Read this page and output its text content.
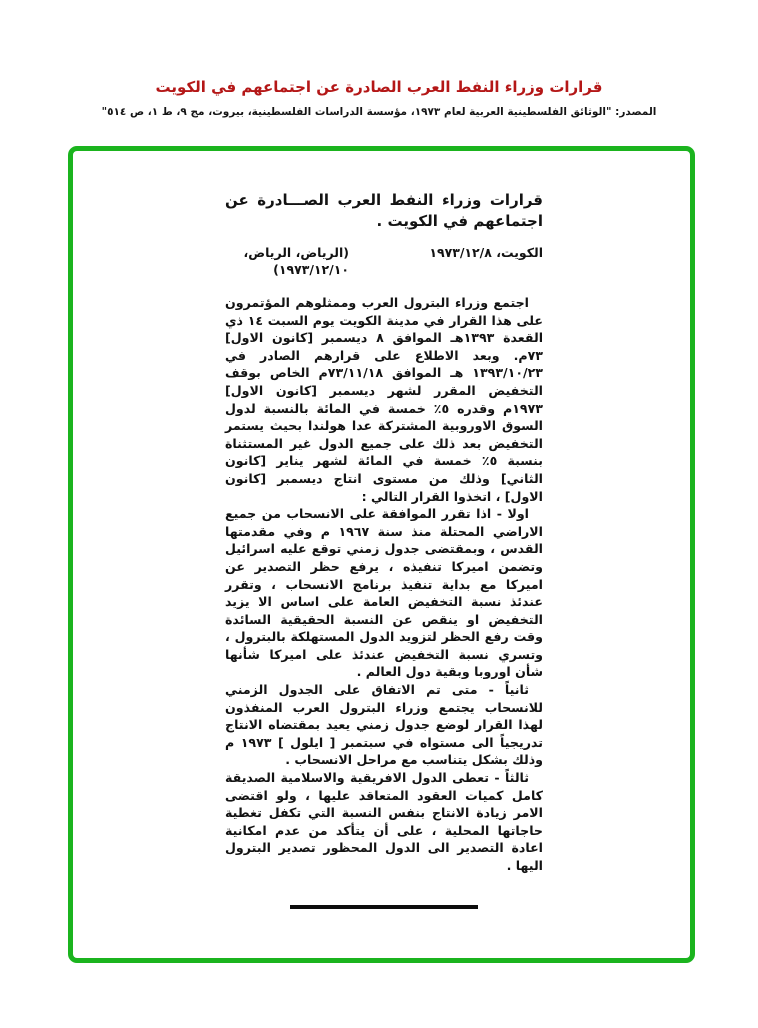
قرارات وزراء النفط العرب الصادرة عن اجتماعهم في الكويت
المصدر: "الوثائق الفلسطينية العربية لعام ١٩٧٣، مؤسسة الدراسات الفلسطينية، بيروت، مج ٩، ط ١، ص ٥١٤"
قرارات وزراء النفط العرب الصـــادرة عن اجتماعهم في الكويت .
الكويت، ١٩٧٣/١٢/٨
(الرياض، الرياض، ١٩٧٣/١٢/١٠)

اجتمع وزراء البترول العرب وممثلوهم المؤتمرون على هذا القرار في مدينة الكويت يوم السبت ١٤ ذي القعدة ١٣٩٣هـ الموافق ٨ ديسمبر [كانون الاول] ٧٣م. وبعد الاطلاع على قرارهم الصادر في ١٣٩٣/١٠/٢٣ هـ الموافق ٧٣/١١/١٨م الخاص بوقف التخفيض المقرر لشهر ديسمبر [كانون الاول] ١٩٧٣م وقدره ٥٪ خمسة في المائة بالنسبة لدول السوق الاوروبية المشتركة عدا هولندا بحيث يستمر التخفيض بعد ذلك على جميع الدول غير المستثناة بنسبة ٥٪ خمسة في المائة لشهر يناير [كانون الثاني] وذلك من مستوى انتاج ديسمبر [كانون الاول] ، اتخذوا القرار التالي :

اولا - اذا تقرر الموافقة على الانسحاب من جميع الاراضي المحتلة منذ سنة ١٩٦٧ م وفي مقدمتها القدس ، وبمقتضى جدول زمني توقع عليه اسرائيل وتضمن اميركا تنفيذه ، يرفع حظر التصدير عن اميركا مع بداية تنفيذ برنامج الانسحاب ، وتقرر عندئذ نسبة التخفيض العامة على اساس الا يزيد التخفيض او ينقص عن النسبة الحقيقية السائدة وقت رفع الحظر لتزويد الدول المستهلكة بالبترول ، وتسري نسبة التخفيض عندئذ على اميركا شأنها شأن اوروبا وبقية دول العالم .

ثانياً - متى تم الاتفاق على الجدول الزمني للانسحاب يجتمع وزراء البترول العرب المنفذون لهذا القرار لوضع جدول زمني يعيد بمقتضاه الانتاج تدريجياً الى مستواه في سبتمبر [ ايلول ] ١٩٧٣ م وذلك بشكل يتناسب مع مراحل الانسحاب .

ثالثاً - تعطى الدول الافريقية والاسلامية الصديقة كامل كميات العقود المتعاقد عليها ، ولو اقتضى الامر زيادة الانتاج بنفس النسبة التي تكفل تغطية حاجاتها المحلية ، على أن يتأكد من عدم امكانية اعادة التصدير الى الدول المحظور تصدير البترول اليها .
